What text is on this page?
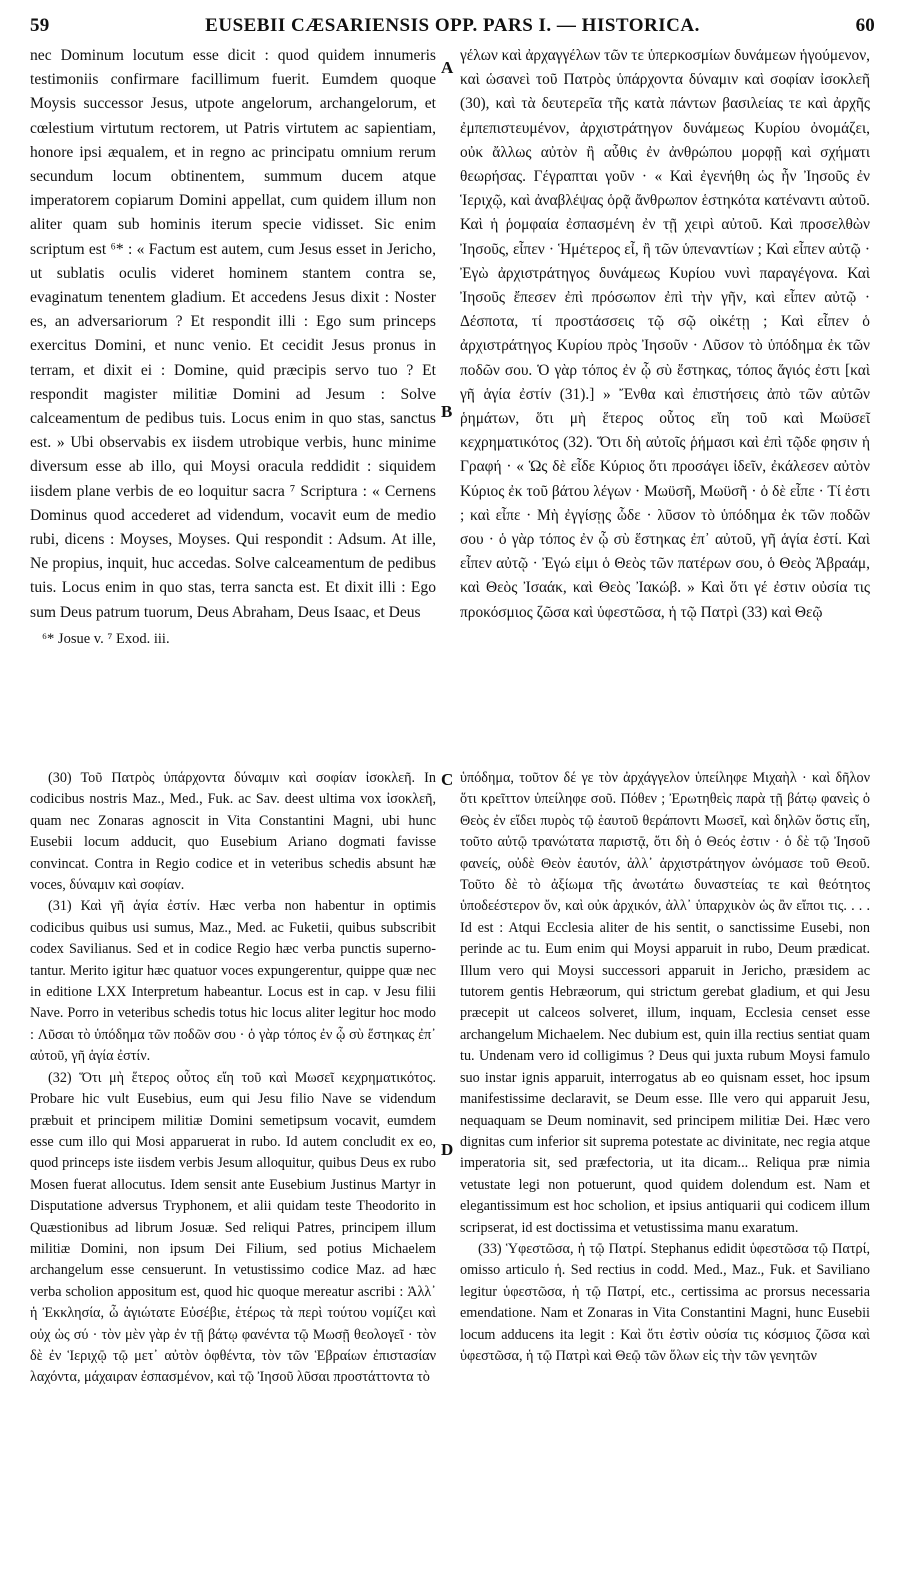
59	EUSEBII CÆSARIENSIS OPP. PARS I. — HISTORICA.	60
A
B
C
D

nec Dominum locutum esse dicit : quod quidem innumeris testimoniis confirmare facillimum fuerit. Eumdem quoque Moysis successor Jesus, utpote angelorum, archangelorum, et cœlestium virtutum rectorem, ut Patris virtutem ac sapientiam, honore ipsi æqualem, et in regno ac principatu omnium rerum secundum locum obtinentem, summum ducem atque imperatorem copiarum Domini appellat, cum quidem illum non aliter quam sub hominis iterum specie vidisset. Sic enim scriptum est ⁶* : « Factum est autem, cum Jesus esset in Jericho, ut sublatis oculis videret hominem stantem contra se, evaginatum tenentem gladium. Et accedens Jesus dixit : Noster es, an adversariorum ? Et respondit illi : Ego sum princeps exercitus Domini, et nunc venio. Et cecidit Jesus pronus in terram, et dixit ei : Domine, quid præcipis servo tuo ? Et respondit magister militiæ Domini ad Jesum : Solve calceamentum de pedibus tuis. Locus enim in quo stas, sanctus est. » Ubi observabis ex iisdem utrobique verbis, hunc minime diversum esse ab illo, qui Moysi oracula reddidit : siquidem iisdem plane verbis de eo loquitur sacra ⁷ Scriptura : « Cernens Dominus quod accederet ad videndum, vocavit eum de medio rubi, dicens : Moyses, Moyses. Qui respondit : Adsum. At ille, Ne propius, inquit, huc accedas. Solve calceamentum de pedibus tuis. Locus enim in quo stas, terra sancta est. Et dixit illi : Ego sum Deus patrum tuorum, Deus Abraham, Deus Isaac, et Deus

⁶* Josue v. ⁷ Exod. iii.

γέλων καὶ ἀρχαγγέλων τῶν τε ὑπερκοσμίων δυνάμεων ἡγούμενον, καὶ ὡσανεὶ τοῦ Πατρὸς ὑπάρχοντα δύναμιν καὶ σοφίαν ἰσοκλεῆ (30), καὶ τὰ δευτερεῖα τῆς κατὰ πάντων βασιλείας τε καὶ ἀρχῆς ἐμπεπιστευμένον, ἀρχιστράτηγον δυνάμεως Κυρίου ὀνομάζει, οὐκ ἄλλως αὐτὸν ἢ αὖθις ἐν ἀνθρώπου μορφῇ καὶ σχήματι θεωρήσας. Γέγραπται γοῦν · « Καὶ ἐγενήθη ὡς ἦν Ἰησοῦς ἐν Ἱεριχῷ, καὶ ἀναβλέψας ὁρᾷ ἄνθρωπον ἑστηκότα κατέναντι αὐτοῦ. Καὶ ἡ ῥομφαία ἐσπασμένη ἐν τῇ χειρὶ αὐτοῦ. Καὶ προσελθὼν Ἰησοῦς, εἶπεν · Ἡμέτερος εἶ, ἢ τῶν ὑπεναντίων ; Καὶ εἶπεν αὐτῷ · Ἐγὼ ἀρχιστράτηγος δυνάμεως Κυρίου νυνὶ παραγέγονα. Καὶ Ἰησοῦς ἔπεσεν ἐπὶ πρόσωπον ἐπὶ τὴν γῆν, καὶ εἶπεν αὐτῷ · Δέσποτα, τί προστάσσεις τῷ σῷ οἰκέτῃ ; Καὶ εἶπεν ὁ ἀρχιστράτηγος Κυρίου πρὸς Ἰησοῦν · Λῦσον τὸ ὑπόδημα ἐκ τῶν ποδῶν σου. Ὁ γὰρ τόπος ἐν ᾧ σὺ ἕστηκας, τόπος ἅγιός ἐστι [καὶ γῆ ἁγία ἐστίν (31).] » Ἔνθα καὶ ἐπιστήσεις ἀπὸ τῶν αὐτῶν ῥημάτων, ὅτι μὴ ἕτερος οὗτος εἴη τοῦ καὶ Μωϋσεῖ κεχρηματικότος (32). Ὅτι δὴ αὐτοῖς ῥήμασι καὶ ἐπὶ τῷδε φησιν ἡ Γραφή · « Ὡς δὲ εἶδε Κύριος ὅτι προσάγει ἰδεῖν, ἐκάλεσεν αὐτὸν Κύριος ἐκ τοῦ βάτου λέγων · Μωϋσῆ, Μωϋσῆ · ὁ δὲ εἶπε · Τί ἐστι ; καὶ εἶπε · Μὴ ἐγγίσῃς ὧδε · λῦσον τὸ ὑπόδημα ἐκ τῶν ποδῶν σου · ὁ γὰρ τόπος ἐν ᾧ σὺ ἕστηκας ἐπ᾽ αὐτοῦ, γῆ ἁγία ἐστί. Καὶ εἶπεν αὐτῷ · Ἐγώ εἰμι ὁ Θεὸς τῶν πατέρων σου, ὁ Θεὸς Ἀβραάμ, καὶ Θεὸς Ἰσαάκ, καὶ Θεὸς Ἰακώβ. » Καὶ ὅτι γέ ἐστιν οὐσία τις προκόσμιος ζῶσα καὶ ὑφεστῶσα, ἡ τῷ Πατρὶ (33) καὶ Θεῷ

(30) Τοῦ Πατρὸς ὑπάρχοντα δύναμιν καὶ σοφίαν ἰσοκλεῆ. In codicibus nostris Maz., Med., Fuk. ac Sav. deest ultima vox ἰσοκλεῆ, quam nec Zonaras agnoscit in Vita Constantini Magni, ubi hunc Eusebii locum adducit, quo Eusebium Ariano dogmati favisse convincat. Contra in Regio codice et in veteribus schedis absunt hæ voces, δύναμιν καὶ σοφίαν.

(31) Καὶ γῆ ἁγία ἐστίν. Hæc verba non habentur in optimis codicibus quibus usi sumus, Maz., Med. ac Fuketii, quibus subscribit codex Savilianus. Sed et in codice Regio hæc verba punctis superno-tantur. Merito igitur hæc quatuor voces expungerentur, quippe quæ nec in editione LXX Interpretum habeantur. Locus est in cap. v Jesu filii Nave. Porro in veteribus schedis totus hic locus aliter legitur hoc modo : Λῦσαι τὸ ὑπόδημα τῶν ποδῶν σου · ὁ γὰρ τόπος ἐν ᾧ σὺ ἕστηκας ἐπ᾽ αὐτοῦ, γῆ ἁγία ἐστίν.

(32) Ὅτι μὴ ἕτερος οὗτος εἴη τοῦ καὶ Μωσεῖ κεχρηματικότος. Probare hic vult Eusebius, eum qui Jesu filio Nave se videndum præbuit et principem militiæ Domini semetipsum vocavit, eumdem esse cum illo qui Mosi apparuerat in rubo. Id autem concludit ex eo, quod princeps iste iisdem verbis Jesum alloquitur, quibus Deus ex rubo Mosen fuerat allocutus. Idem sensit ante Eusebium Justinus Martyr in Disputatione adversus Tryphonem, et alii quidam teste Theodorito in Quæstionibus ad librum Josuæ. Sed reliqui Patres, principem illum militiæ Domini, non ipsum Dei Filium, sed potius Michaelem archangelum esse censuerunt. In vetustissimo codice Maz. ad hæc verba scholion appositum est, quod hic quoque mereatur ascribi : Ἀλλ᾽ ἡ Ἐκκλησία, ὦ ἀγιώτατε Εὐσέβιε, ἑτέρως τὰ περὶ τούτου νομίζει καὶ οὐχ ὡς σύ · τὸν μὲν γὰρ ἐν τῇ βάτῳ φανέντα τῷ Μωσῇ θεολογεῖ · τὸν δὲ ἐν Ἱεριχῷ τῷ μετ᾽ αὐτὸν ὀφθέντα, τὸν τῶν Ἑβραίων ἐπιστασίαν λαχόντα, μάχαιραν ἐσπασμένον, καὶ τῷ Ἰησοῦ λῦσαι προστάττοντα τὸ

ὑπόδημα, τοῦτον δέ γε τὸν ἀρχάγγελον ὑπείληφε Μιχαὴλ · καὶ δῆλον ὅτι κρεῖττον ὑπείληφε σοῦ. Πόθεν ; Ἐρωτηθεὶς παρὰ τῇ βάτῳ φανεὶς ὁ Θεὸς ἐν εἴδει πυρὸς τῷ ἑαυτοῦ θεράποντι Μωσεῖ, καὶ δηλῶν ὅστις εἴη, τοῦτο αὐτῷ τρανώτατα παριστᾷ, ὅτι δὴ ὁ Θεός ἐστιν · ὁ δὲ τῷ Ἰησοῦ φανείς, οὐδὲ Θεὸν ἑαυτόν, ἀλλ᾽ ἀρχιστράτηγον ὠνόμασε τοῦ Θεοῦ. Τοῦτο δὲ τὸ ἀξίωμα τῆς ἀνωτάτω δυναστείας τε καὶ θεότητος ὑποδεέστερον ὄν, καὶ οὐκ ἀρχικόν, ἀλλ᾽ ὑπαρχικὸν ὡς ἂν εἴποι τις. . . . Id est : Atqui Ecclesia aliter de his sentit, o sanctissime Eusebi, non perinde ac tu. Eum enim qui Moysi apparuit in rubo, Deum prædicat. Illum vero qui Moysi successori apparuit in Jericho, præsidem ac tutorem gentis Hebræorum, qui strictum gerebat gladium, et qui Jesu præcepit ut calceos solveret, illum, inquam, Ecclesia censet esse archangelum Michaelem. Nec dubium est, quin illa rectius sentiat quam tu. Undenam vero id colligimus ? Deus qui juxta rubum Moysi famulo suo instar ignis apparuit, interrogatus ab eo quisnam esset, hoc ipsum manifestissime declaravit, se Deum esse. Ille vero qui apparuit Jesu, nequaquam se Deum nominavit, sed principem militiæ Dei. Hæc vero dignitas cum inferior sit suprema potestate ac divinitate, nec regia atque imperatoria sit, sed præfectoria, ut ita dicam... Reliqua præ nimia vetustate legi non potuerunt, quod quidem dolendum est. Nam et elegantissimum est hoc scholion, et ipsius antiquarii qui codicem illum scripserat, id est doctissima et vetustissima manu exaratum.

(33) Ὑφεστῶσα, ἡ τῷ Πατρί. Stephanus edidit ὑφεστῶσα τῷ Πατρί, omisso articulo ἡ. Sed rectius in codd. Med., Maz., Fuk. et Saviliano legitur ὑφεστῶσα, ἡ τῷ Πατρί, etc., certissima ac prorsus necessaria emendatione. Nam et Zonaras in Vita Constantini Magni, hunc Eusebii locum adducens ita legit : Καὶ ὅτι ἐστὶν οὐσία τις κόσμιος ζῶσα καὶ ὑφεστῶσα, ἡ τῷ Πατρὶ καὶ Θεῷ τῶν ὅλων εἰς τὴν τῶν γενητῶν
